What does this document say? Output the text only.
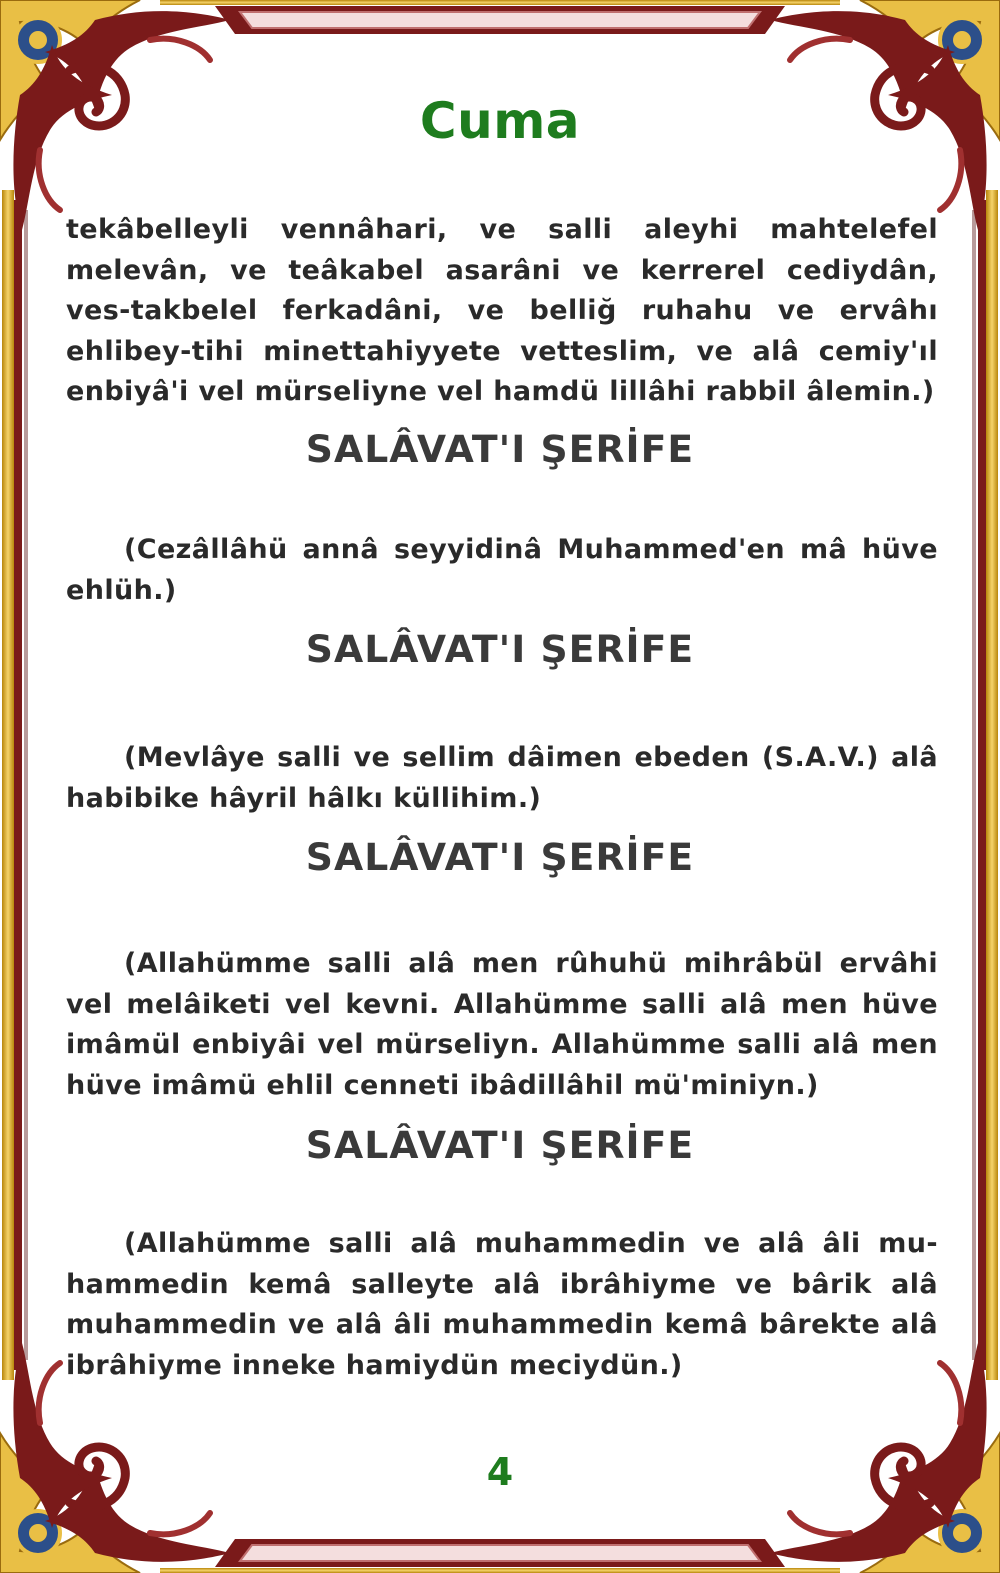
Cuma
tekâbelleyli vennâhari, ve salli aleyhi mahtelefel melevân, ve teâkabel asarâni ve kerrerel cediydân, ves-takbelel ferkadâni, ve belliğ ruhahu ve ervâhı ehlibey-tihi minettahiyyete vetteslim, ve alâ cemiy'ıl enbiyâ'i vel mürseliyne vel hamdü lillâhi rabbil âlemin.)
SALÂVAT'I ŞERİFE
(Cezâllâhü annâ seyyidinâ Muhammed'en mâ hüve ehlüh.)
SALÂVAT'I ŞERİFE
(Mevlâye salli ve sellim dâimen ebeden (S.A.V.) alâ habibike hâyril hâlkı küllihim.)
SALÂVAT'I ŞERİFE
(Allahümme salli alâ men rûhuhü mihrâbül ervâhi vel melâiketi vel kevni. Allahümme salli alâ men hüve imâmül enbiyâi vel mürseliyn. Allahümme salli alâ men hüve imâmü ehlil cenneti ibâdillâhil mü'miniyn.)
SALÂVAT'I ŞERİFE
(Allahümme salli alâ muhammedin ve alâ âli mu-hammedin kemâ salleyte alâ ibrâhiyme ve bârik alâ muhammedin ve alâ âli muhammedin kemâ bârekte alâ ibrâhiyme inneke hamiydün meciydün.)
4
